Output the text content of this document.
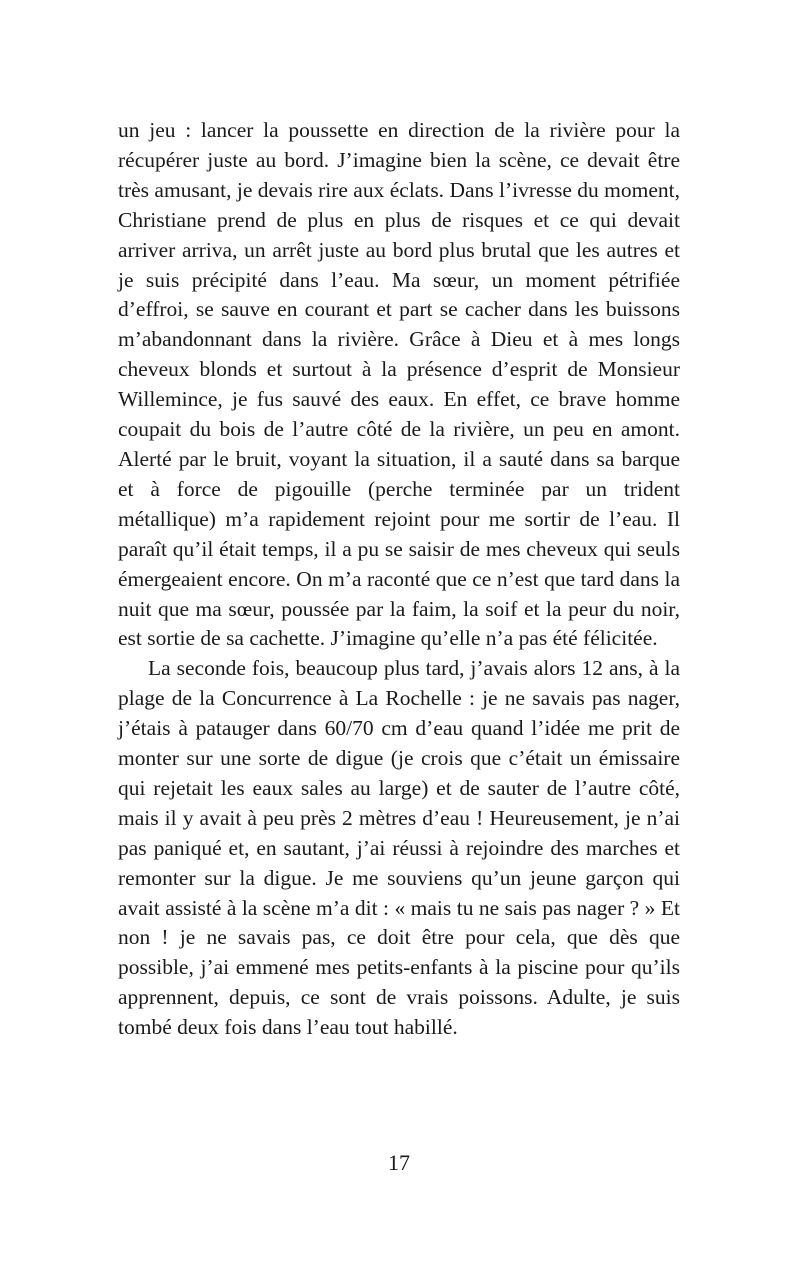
un jeu : lancer la poussette en direction de la rivière pour la récupérer juste au bord. J’imagine bien la scène, ce devait être très amusant, je devais rire aux éclats. Dans l’ivresse du moment, Christiane prend de plus en plus de risques et ce qui devait arriver arriva, un arrêt juste au bord plus brutal que les autres et je suis précipité dans l’eau. Ma sœur, un moment pétrifiée d’effroi, se sauve en courant et part se cacher dans les buissons m’abandonnant dans la rivière. Grâce à Dieu et à mes longs cheveux blonds et surtout à la présence d’esprit de Monsieur Willemince, je fus sauvé des eaux. En effet, ce brave homme coupait du bois de l’autre côté de la rivière, un peu en amont. Alerté par le bruit, voyant la situation, il a sauté dans sa barque et à force de pigouille (perche terminée par un trident métallique) m’a rapidement rejoint pour me sortir de l’eau. Il paraît qu’il était temps, il a pu se saisir de mes cheveux qui seuls émergeaient encore. On m’a raconté que ce n’est que tard dans la nuit que ma sœur, poussée par la faim, la soif et la peur du noir, est sortie de sa cachette. J’imagine qu’elle n’a pas été félicitée.

La seconde fois, beaucoup plus tard, j’avais alors 12 ans, à la plage de la Concurrence à La Rochelle : je ne savais pas nager, j’étais à patauger dans 60/70 cm d’eau quand l’idée me prit de monter sur une sorte de digue (je crois que c’était un émissaire qui rejetait les eaux sales au large) et de sauter de l’autre côté, mais il y avait à peu près 2 mètres d’eau ! Heureusement, je n’ai pas paniqué et, en sautant, j’ai réussi à rejoindre des marches et remonter sur la digue. Je me souviens qu’un jeune garçon qui avait assisté à la scène m’a dit : « mais tu ne sais pas nager ? » Et non ! je ne savais pas, ce doit être pour cela, que dès que possible, j’ai emmené mes petits-enfants à la piscine pour qu’ils apprennent, depuis, ce sont de vrais poissons. Adulte, je suis tombé deux fois dans l’eau tout habillé.

17
